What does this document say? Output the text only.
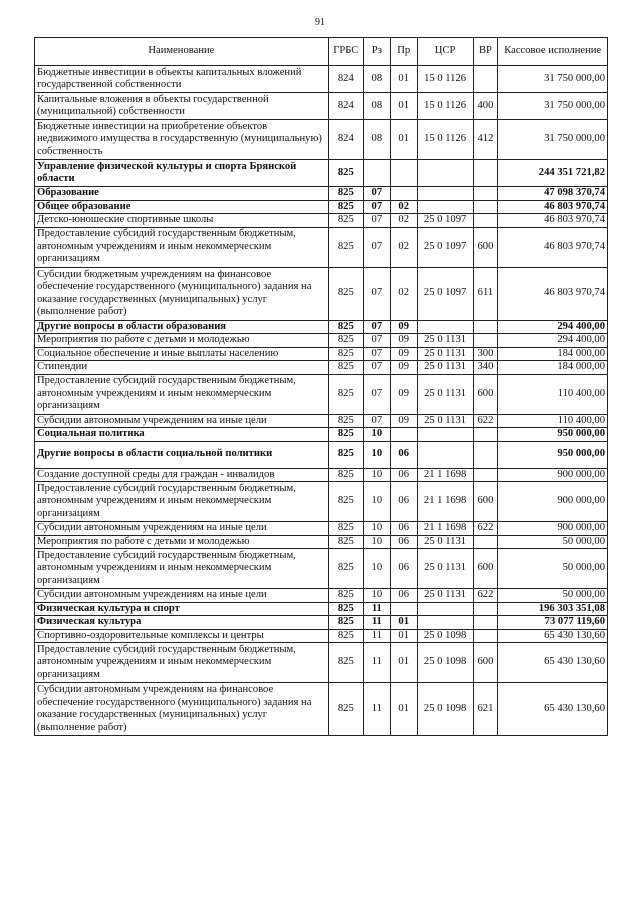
91
Наименование	ГРБС	Рз	Пр	ЦСР	ВР	Кассовое исполнение
Бюджетные инвестиции в объекты капитальных вложений государственной собственности	824	08	01	15 0 1126		31 750 000,00
Капитальные вложения в объекты государственной (муниципальной) собственности	824	08	01	15 0 1126	400	31 750 000,00
Бюджетные инвестиции на приобретение объектов недвижимого имущества в государственную (муниципальную) собственность	824	08	01	15 0 1126	412	31 750 000,00
Управление физической культуры и спорта Брянской области	825					244 351 721,82
Образование	825	07				47 098 370,74
Общее образование	825	07	02			46 803 970,74
Детско-юношеские спортивные школы	825	07	02	25 0 1097		46 803 970,74
Предоставление субсидий государственным бюджетным, автономным учреждениям и иным некоммерческим организациям	825	07	02	25 0 1097	600	46 803 970,74
Субсидии бюджетным учреждениям на финансовое обеспечение государственного (муниципального) задания на оказание государственных (муниципальных) услуг (выполнение работ)	825	07	02	25 0 1097	611	46 803 970,74
Другие вопросы в области образования	825	07	09			294 400,00
Мероприятия по работе с детьми и молодежью	825	07	09	25 0 1131		294 400,00
Социальное обеспечение и иные выплаты населению	825	07	09	25 0 1131	300	184 000,00
Стипендии	825	07	09	25 0 1131	340	184 000,00
Предоставление субсидий государственным бюджетным, автономным учреждениям и иным некоммерческим организациям	825	07	09	25 0 1131	600	110 400,00
Субсидии автономным учреждениям на иные цели	825	07	09	25 0 1131	622	110 400,00
Социальная политика	825	10				950 000,00
Другие вопросы в области социальной политики	825	10	06			950 000,00
Создание доступной среды для граждан - инвалидов	825	10	06	21 1 1698		900 000,00
Предоставление субсидий государственным бюджетным, автономным учреждениям и иным некоммерческим организациям	825	10	06	21 1 1698	600	900 000,00
Субсидии автономным учреждениям на иные цели	825	10	06	21 1 1698	622	900 000,00
Мероприятия по работе с детьми и молодежью	825	10	06	25 0 1131		50 000,00
Предоставление субсидий государственным бюджетным, автономным учреждениям и иным некоммерческим организациям	825	10	06	25 0 1131	600	50 000,00
Субсидии автономным учреждениям на иные цели	825	10	06	25 0 1131	622	50 000,00
Физическая культура и спорт	825	11				196 303 351,08
Физическая культура	825	11	01			73 077 119,60
Спортивно-оздоровительные комплексы и центры	825	11	01	25 0 1098		65 430 130,60
Предоставление субсидий государственным бюджетным, автономным учреждениям и иным некоммерческим организациям	825	11	01	25 0 1098	600	65 430 130,60
Субсидии автономным учреждениям на финансовое обеспечение государственного (муниципального) задания на оказание государственных (муниципальных) услуг (выполнение работ)	825	11	01	25 0 1098	621	65 430 130,60
